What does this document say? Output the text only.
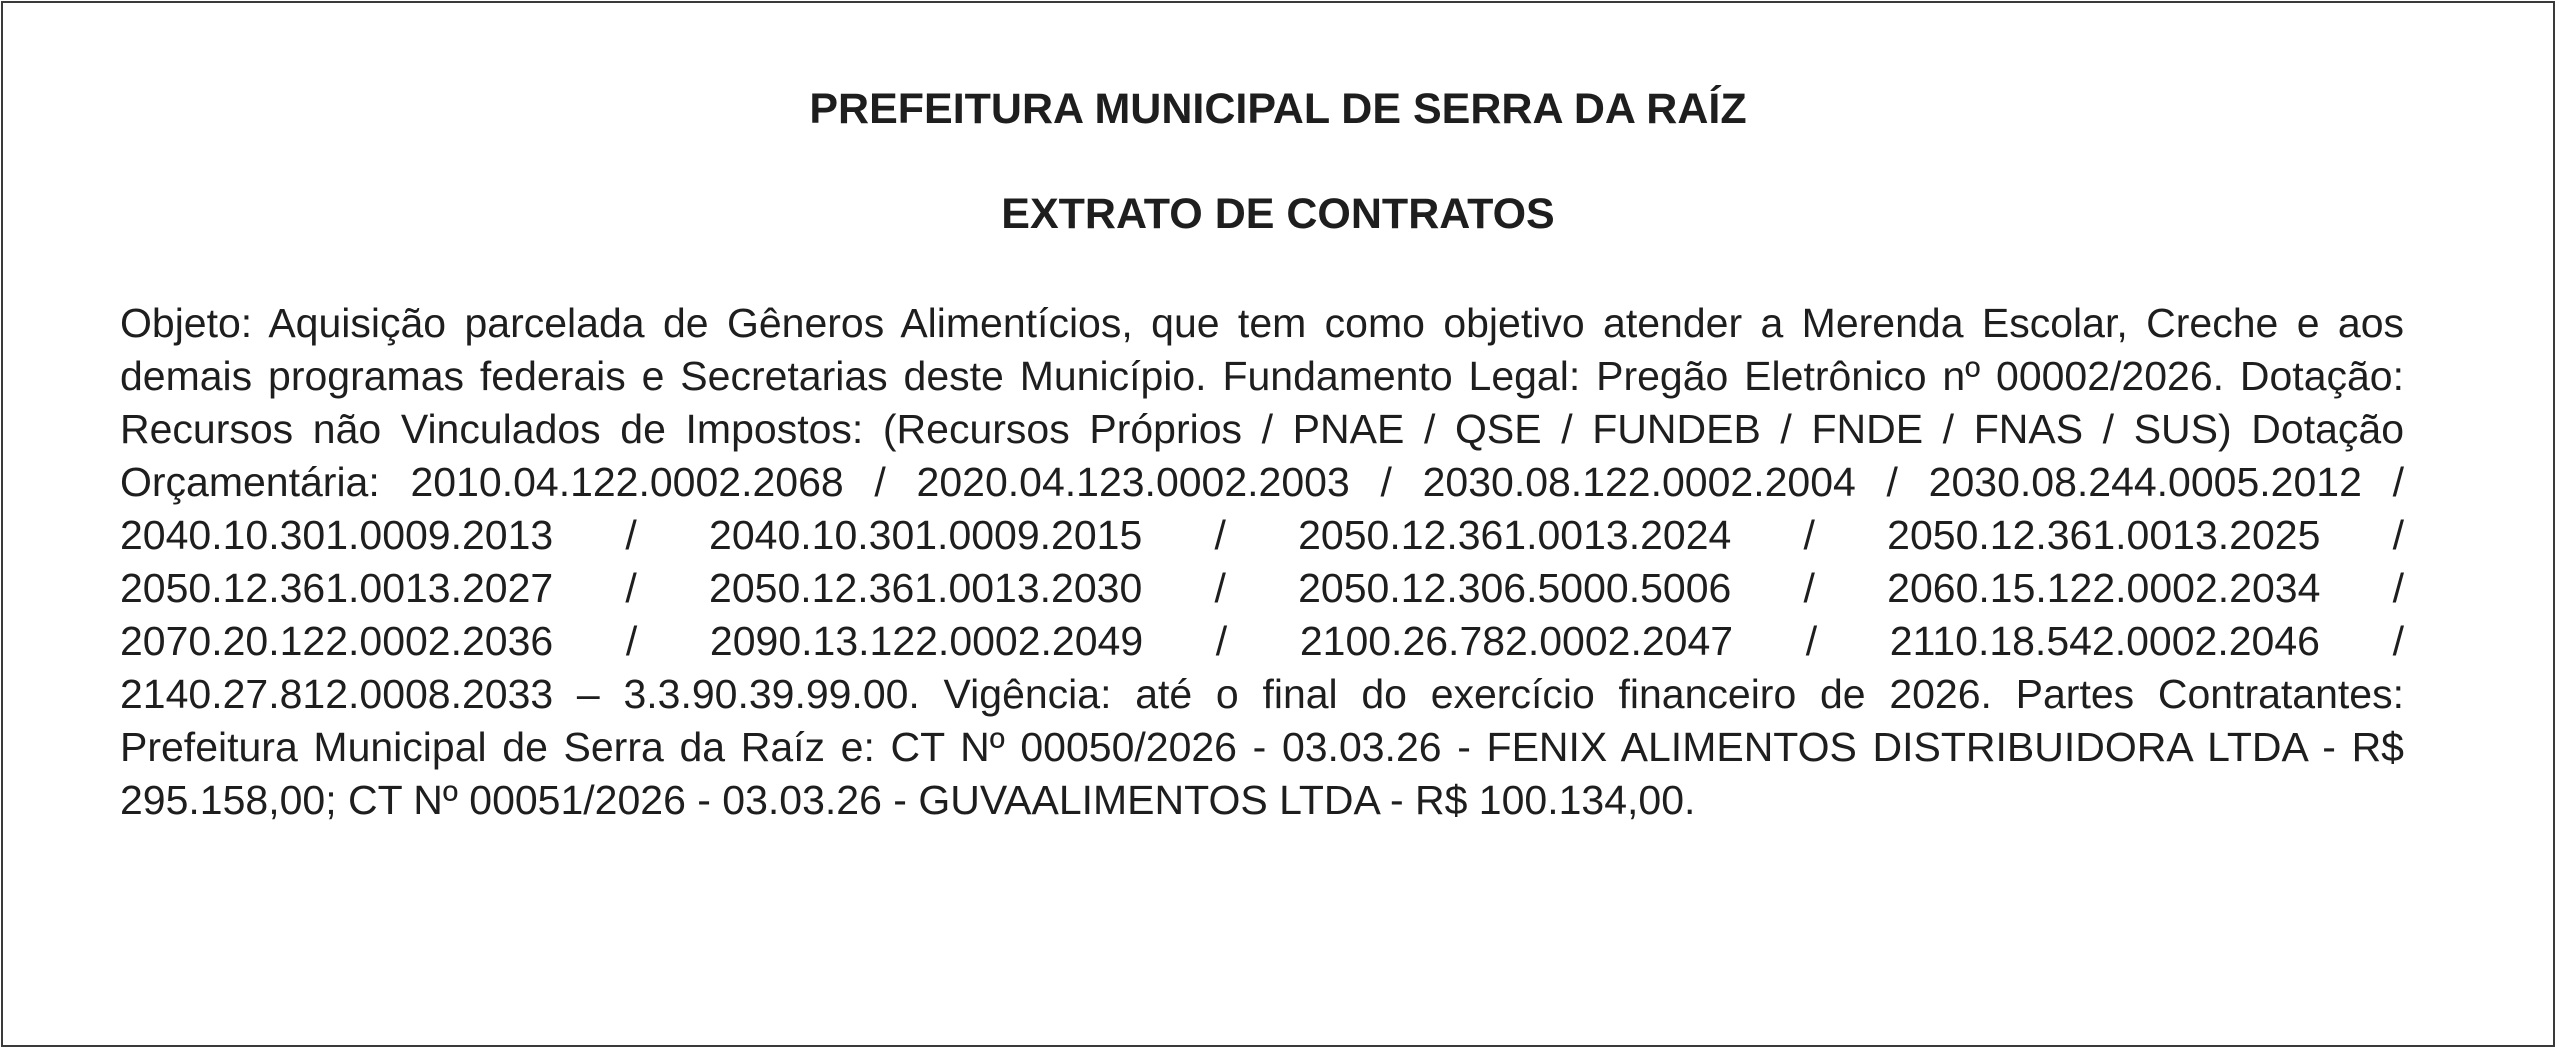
PREFEITURA MUNICIPAL DE SERRA DA RAÍZ
EXTRATO DE CONTRATOS
Objeto: Aquisição parcelada de Gêneros Alimentícios, que tem como objetivo atender a Merenda Escolar, Creche e aos demais programas federais e Secretarias deste Município. Fundamento Legal: Pregão Eletrônico nº 00002/2026. Dotação: Recursos não Vinculados de Impostos: (Recursos Próprios / PNAE / QSE / FUNDEB / FNDE / FNAS / SUS) Dotação Orçamentária: 2010.04.122.0002.2068 / 2020.04.123.0002.2003 / 2030.08.122.0002.2004 / 2030.08.244.0005.2012 / 2040.10.301.0009.2013 / 2040.10.301.0009.2015 / 2050.12.361.0013.2024 / 2050.12.361.0013.2025 / 2050.12.361.0013.2027 / 2050.12.361.0013.2030 / 2050.12.306.5000.5006 / 2060.15.122.0002.2034 / 2070.20.122.0002.2036 / 2090.13.122.0002.2049 / 2100.26.782.0002.2047 / 2110.18.542.0002.2046 / 2140.27.812.0008.2033 – 3.3.90.39.99.00. Vigência: até o final do exercício financeiro de 2026. Partes Contratantes: Prefeitura Municipal de Serra da Raíz e: CT Nº 00050/2026 - 03.03.26 - FENIX ALIMENTOS DISTRIBUIDORA LTDA - R$ 295.158,00; CT Nº 00051/2026 - 03.03.26 - GUVAALIMENTOS LTDA - R$ 100.134,00.
